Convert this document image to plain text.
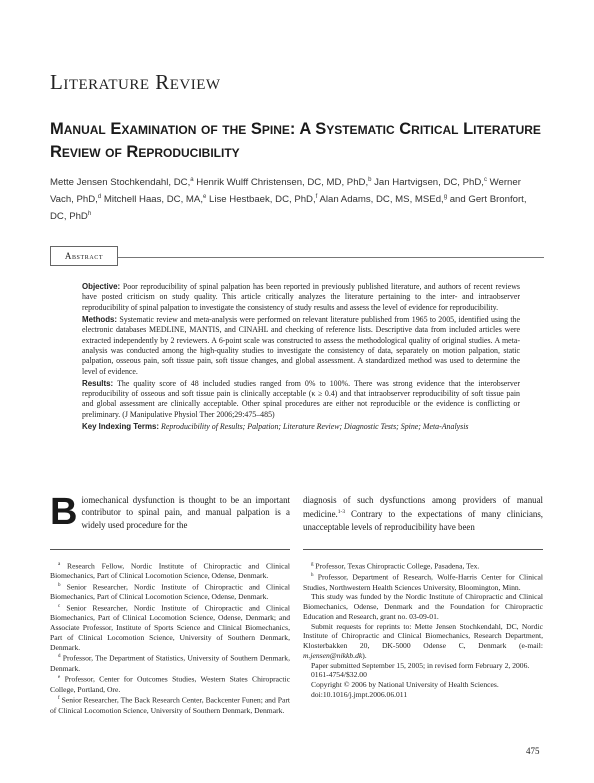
Literature Review
Manual Examination of the Spine: A Systematic Critical Literature Review of Reproducibility
Mette Jensen Stochkendahl, DC,$^a$ Henrik Wulff Christensen, DC, MD, PhD,$^b$ Jan Hartvigsen, DC, PhD,$^c$ Werner Vach, PhD,$^d$ Mitchell Haas, DC, MA,$^e$ Lise Hestbaek, DC, PhD,$^f$ Alan Adams, DC, MS, MSEd,$^g$ and Gert Bronfort, DC, PhD$^h$
Abstract

Objective: Poor reproducibility of spinal palpation has been reported in previously published literature, and authors of recent reviews have posted criticism on study quality. This article critically analyzes the literature pertaining to the inter- and intraobserver reproducibility of spinal palpation to investigate the consistency of study results and assess the level of evidence for reproducibility.

Methods: Systematic review and meta-analysis were performed on relevant literature published from 1965 to 2005, identified using the electronic databases MEDLINE, MANTIS, and CINAHL and checking of reference lists. Descriptive data from included articles were extracted independently by 2 reviewers. A 6-point scale was constructed to assess the methodological quality of original studies. A meta-analysis was conducted among the high-quality studies to investigate the consistency of data, separately on motion palpation, static palpation, osseous pain, soft tissue pain, soft tissue changes, and global assessment. A standardized method was used to determine the level of evidence.

Results: The quality score of 48 included studies ranged from 0% to 100%. There was strong evidence that the interobserver reproducibility of osseous and soft tissue pain is clinically acceptable (κ ≥ 0.4) and that intraobserver reproducibility of soft tissue pain and global assessment are clinically acceptable. Other spinal procedures are either not reproducible or the evidence is conflicting or preliminary. (J Manipulative Physiol Ther 2006;29:475–485)

Key Indexing Terms: Reproducibility of Results; Palpation; Literature Review; Diagnostic Tests; Spine; Meta-Analysis

Biomechanical dysfunction is thought to be an important contributor to spinal pain, and manual palpation is a widely used procedure for the
diagnosis of such dysfunctions among providers of manual medicine.$^{1-3}$ Contrary to the expectations of many clinicians, unacceptable levels of reproducibility have been

$^a$ Research Fellow, Nordic Institute of Chiropractic and Clinical Biomechanics, Part of Clinical Locomotion Science, Odense, Denmark.

$^b$ Senior Researcher, Nordic Institute of Chiropractic and Clinical Biomechanics, Part of Clinical Locomotion Science, Odense, Denmark.

$^c$ Senior Researcher, Nordic Institute of Chiropractic and Clinical Biomechanics, Part of Clinical Locomotion Science, Odense, Denmark; and Associate Professor, Institute of Sports Science and Clinical Biomechanics, Part of Clinical Locomotion Science, University of Southern Denmark, Denmark.

$^d$ Professor, The Department of Statistics, University of Southern Denmark, Denmark.

$^e$ Professor, Center for Outcomes Studies, Western States Chiropractic College, Portland, Ore.

$^f$ Senior Researcher, The Back Research Center, Backcenter Funen; and Part of Clinical Locomotion Science, University of Southern Denmark, Denmark.

$^g$ Professor, Texas Chiropractic College, Pasadena, Tex.

$^h$ Professor, Department of Research, Wolfe-Harris Center for Clinical Studies, Northwestern Health Sciences University, Bloomington, Minn.

This study was funded by the Nordic Institute of Chiropractic and Clinical Biomechanics, Odense, Denmark and the Foundation for Chiropractic Education and Research, grant no. 03-09-01.

Submit requests for reprints to: Mette Jensen Stochkendahl, DC, Nordic Institute of Chiropractic and Clinical Biomechanics, Research Department, Klosterbakken 20, DK-5000 Odense C, Denmark (e-mail: m.jensen@nikkb.dk).

Paper submitted September 15, 2005; in revised form February 2, 2006.

0161-4754/$32.00

Copyright © 2006 by National University of Health Sciences.

doi:10.1016/j.jmpt.2006.06.011

475
